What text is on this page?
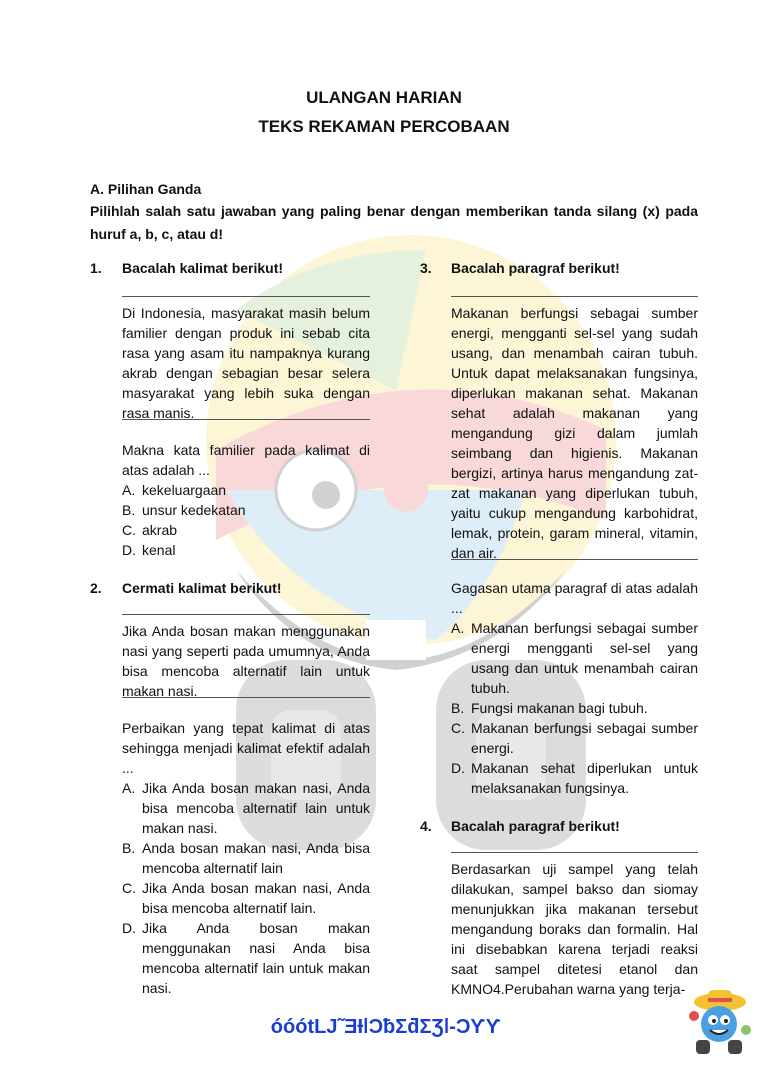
ULANGAN HARIAN
TEKS REKAMAN PERCOBAAN
A. Pilihan Ganda
Pilihlah salah satu jawaban yang paling benar dengan memberikan tanda silang (x) pada huruf a, b, c, atau d!
1. Bacalah kalimat berikut!
Di Indonesia, masyarakat masih belum familier dengan produk ini sebab cita rasa yang asam itu nampaknya kurang akrab dengan sebagian besar selera masyarakat yang lebih suka dengan rasa manis.
Makna kata familier pada kalimat di atas adalah ...
A. kekeluargaan
B. unsur kedekatan
C. akrab
D. kenal
2. Cermati kalimat berikut!
Jika Anda bosan makan menggunakan nasi yang seperti pada umumnya, Anda bisa mencoba alternatif lain untuk makan nasi.
Perbaikan yang tepat kalimat di atas sehingga menjadi kalimat efektif adalah ...
A. Jika Anda bosan makan nasi, Anda bisa mencoba alternatif lain untuk makan nasi.
B. Anda bosan makan nasi, Anda bisa mencoba alternatif lain
C. Jika Anda bosan makan nasi, Anda bisa mencoba alternatif lain.
D. Jika Anda bosan makan menggunakan nasi Anda bisa mencoba alternatif lain untuk makan nasi.
3. Bacalah paragraf berikut!
Makanan berfungsi sebagai sumber energi, mengganti sel-sel yang sudah usang, dan menambah cairan tubuh. Untuk dapat melaksanakan fungsinya, diperlukan makanan sehat. Makanan sehat adalah makanan yang mengandung gizi dalam jumlah seimbang dan higienis. Makanan bergizi, artinya harus mengandung zat-zat makanan yang diperlukan tubuh, yaitu cukup mengandung karbohidrat, lemak, protein, garam mineral, vitamin, dan air.
Gagasan utama paragraf di atas adalah ...
A. Makanan berfungsi sebagai sumber energi mengganti sel-sel yang usang dan untuk menambah cairan tubuh.
B. Fungsi makanan bagi tubuh.
C. Makanan berfungsi sebagai sumber energi.
D. Makanan sehat diperlukan untuk melaksanakan fungsinya.
4. Bacalah paragraf berikut!
Berdasarkan uji sampel yang telah dilakukan, sampel bakso dan siomay menunjukkan jika makanan tersebut mengandung boraks dan formalin. Hal ini disebabkan karena terjadi reaksi saat sampel ditetesi etanol dan KMNO4.Perubahan warna yang terja-
óóótLJ˜ƎƗǀƆƀƩƌƩƷǀ-ƆƳƳ
